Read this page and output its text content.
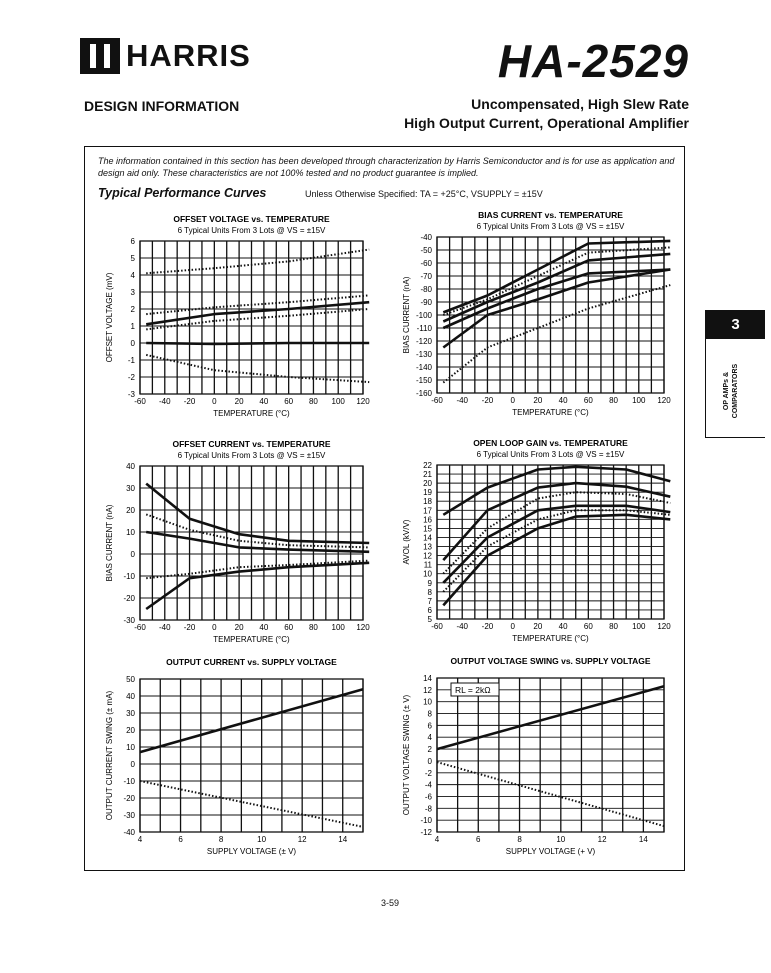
HARRIS	HA-2529
DESIGN INFORMATION	Uncompensated, High Slew Rate
High Output Current, Operational Amplifier
The information contained in this section has been developed through characterization by Harris Semiconductor and is for use as application and design aid only. These characteristics are not 100% tested and no product guarantee is implied.
Typical Performance Curves	Unless Otherwise Specified: TA = +25°C, VSUPPLY = ±15V
3
OP AMPs & COMPARATORS
3-59
OFFSET VOLTAGE vs. TEMPERATURE
6 Typical Units From 3 Lots @ VS = ±15V
-60 -40 -20 0 20 40 60 80 100 120
-3
-2
-1
0
1
2
3
4
5
6
TEMPERATURE (°C)
OFFSET VOLTAGE (mV)
BIAS CURRENT vs. TEMPERATURE
6 Typical Units From 3 Lots @ VS = ±15V
-60 -40 -20 0 20 40 60 80 100 120
-40
-50
-60
-70
-80
-90
-100
-110
-120
-130
-140
-150
-160
TEMPERATURE (°C)
BIAS CURRENT (nA)
OFFSET CURRENT vs. TEMPERATURE
6 Typical Units From 3 Lots @ VS = ±15V
-60 -40 -20 0 20 40 60 80 100 120
-30
-20
-10
0
10
20
30
40
TEMPERATURE (°C)
BIAS CURRENT (nA)
OPEN LOOP GAIN vs. TEMPERATURE
6 Typical Units From 3 Lots @ VS = ±15V
-60 -40 -20 0 20 40 60 80 100 120
5
6
7
8
9
10
11
12
13
14
15
16
17
18
19
20
21
22
TEMPERATURE (°C)
AVOL (kV/V)
OUTPUT CURRENT vs. SUPPLY VOLTAGE
4	6	8	10	12	14
-40
-30
-20
-10
0
10
20
30
40
50
SUPPLY VOLTAGE (± V)
OUTPUT CURRENT SWING (± mA)
OUTPUT VOLTAGE SWING vs. SUPPLY VOLTAGE
4	6	8	10	12	14
-12
-10
-8
-6
-4
-2
0
2
4
6
8
10
12
14
SUPPLY VOLTAGE (+ V)
OUTPUT VOLTAGE SWING (± V)
RL = 2kΩ
